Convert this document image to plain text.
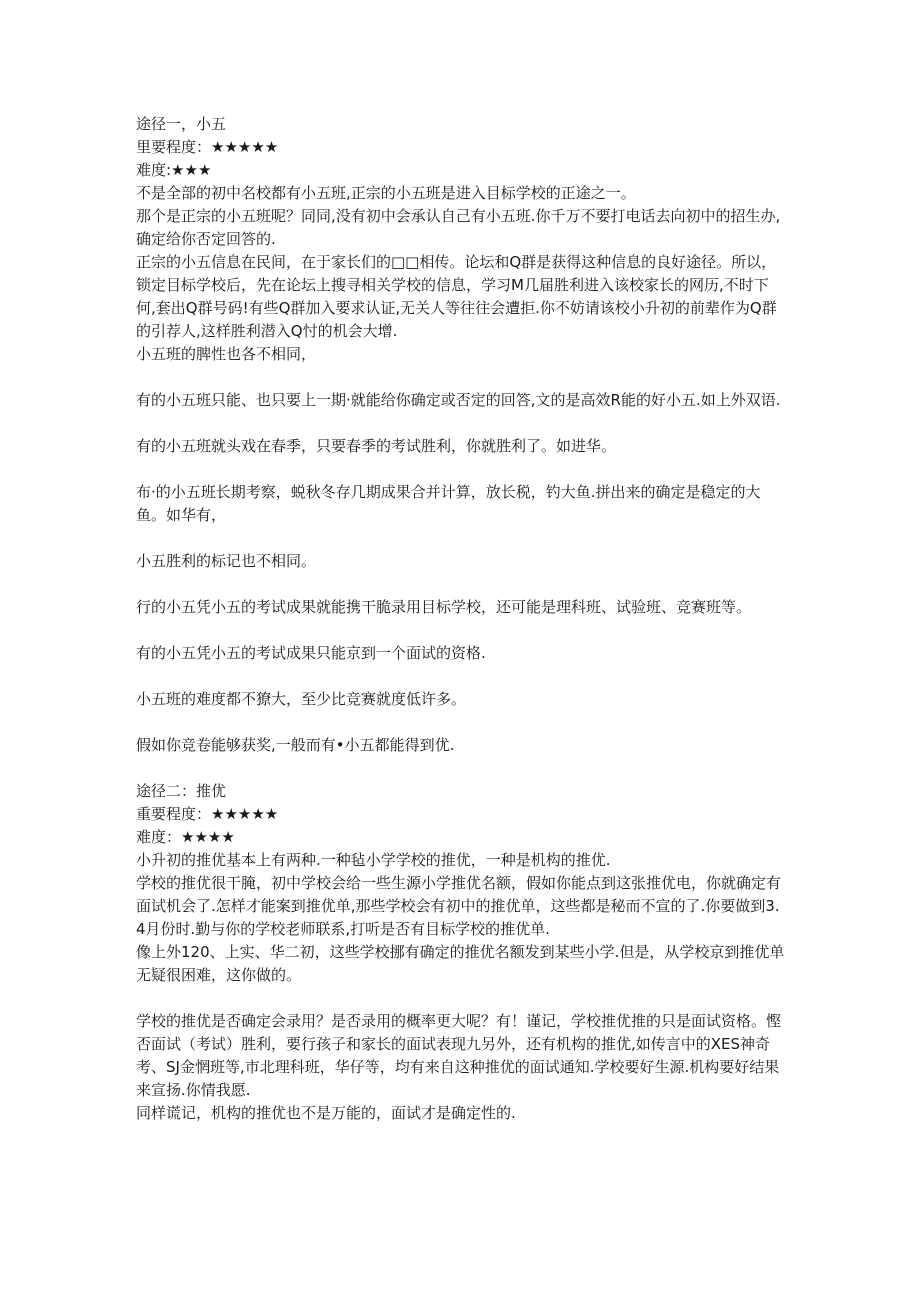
途径一，小五

里要程度：★★★★★

难度:★★★

不是全部的初中名校都有小五班,正宗的小五班是进入目标学校的正途之一。

那个是正宗的小五班呢？同同,没有初中会承认自己有小五班.你千万不要打电话去向初中的招生办,确定给你否定回答的.

正宗的小五信息在民间，在于家长们的□□相传。论坛和Q群是获得这种信息的良好途径。所以，锁定目标学校后，先在论坛上搜寻相关学校的信息，学习M几届胜利进入该校家长的网历,不时下何,套出Q群号码!有些Q群加入要求认证,无关人等往往会遭拒.你不妨请该校小升初的前辈作为Q群的引荐人,这样胜利潜入Q忖的机会大增.

小五班的脾性也各不相同，

有的小五班只能、也只要上一期·就能给你确定或否定的回答,文的是高效R能的好小五.如上外双语.

有的小五班就头戏在春季，只要春季的考试胜利，你就胜利了。如进华。

布·的小五班长期考察，蜕秋冬存几期成果合并计算，放长税，钓大鱼.拼出来的确定是稳定的大鱼。如华有，

小五胜利的标记也不相同。

行的小五凭小五的考试成果就能携干脆录用目标学校，还可能是理科班、试验班、竞赛班等。

有的小五凭小五的考试成果只能京到一个面试的资格.

小五班的难度都不獠大，至少比竞赛就度低许多。

假如你竞卷能够获奖,一般而有•小五都能得到优.

途径二：推优

重要程度：★★★★★

难度：★★★★

小升初的推优基本上有两种.一种毡小学学校的推优，一种是机构的推优.

学校的推优很干腌，初中学校会给一些生源小学推优名额，假如你能点到这张推优电，你就确定有面试机会了.怎样才能案到推优单,那些学校会有初中的推优单，这些都是秘而不宣的了.你要做到3.4月份时.勤与你的学校老师联系,打听是否有目标学校的推优单.

像上外120、上实、华二初，这些学校挪有确定的推优名额发到某些小学.但是，从学校京到推优单无疑很困难，这你做的。

学校的推优是否确定会录用？是否录用的概率更大呢？有！谨记，学校推优推的只是面试资格。慳否面试（考试）胜利，要行孩子和家长的面试表现九另外，还有机构的推优,如传言中的XES神奇考、SJ金惘班等,市北理科班，华仔等，均有来自这种推优的面试通知.学校要好生源.机构要好结果来宣扬.你情我愿.

同样谎记，机构的推优也不是万能的，面试才是确定性的.
